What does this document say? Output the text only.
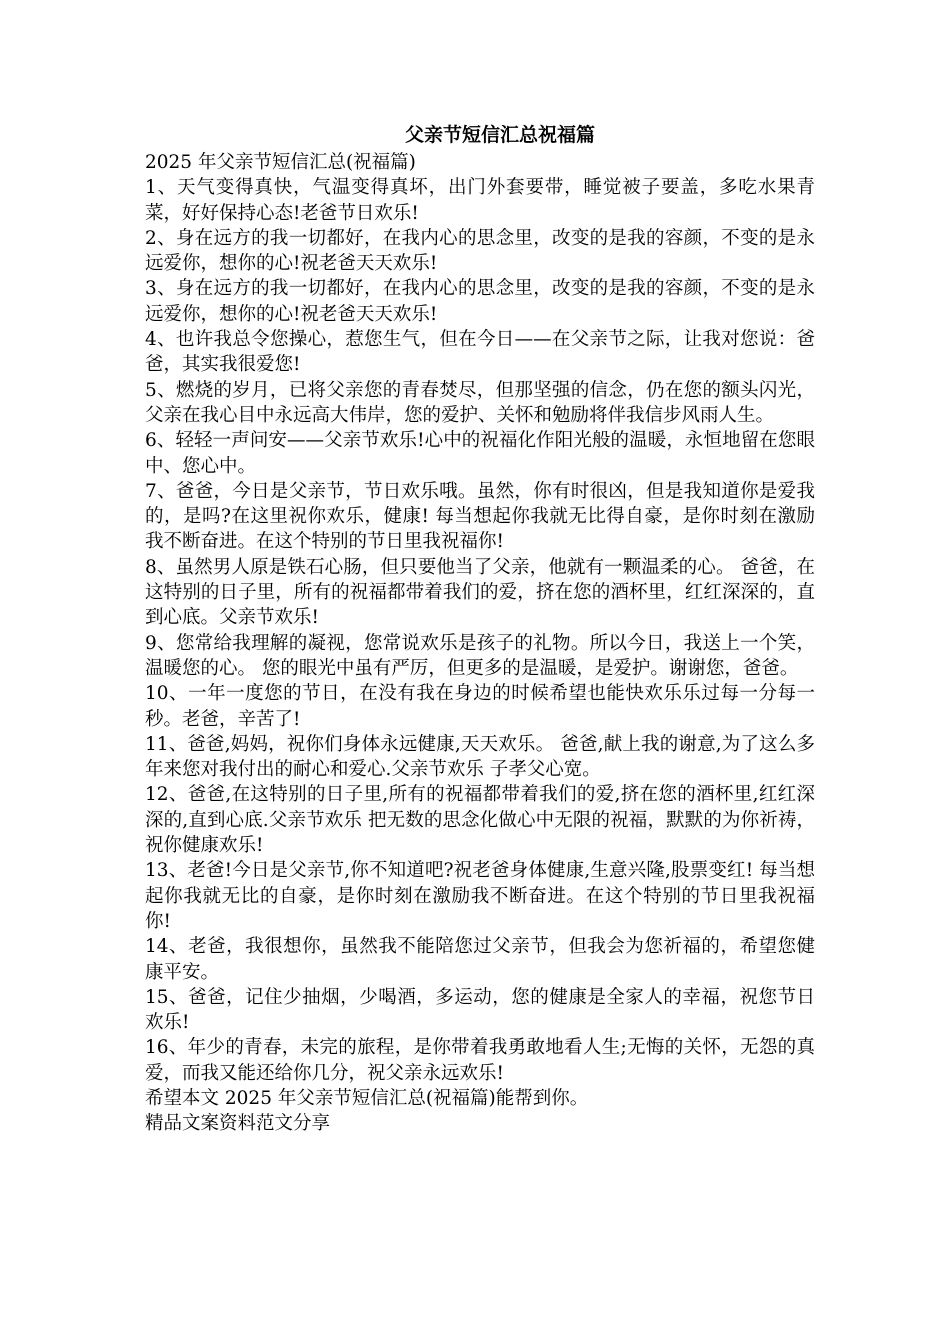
父亲节短信汇总祝福篇

2025 年父亲节短信汇总(祝福篇)

1、天气变得真快，气温变得真坏，出门外套要带，睡觉被子要盖，多吃水果青菜，好好保持心态!老爸节日欢乐!

2、身在远方的我一切都好，在我内心的思念里，改变的是我的容颜，不变的是永远爱你，想你的心!祝老爸天天欢乐!

3、身在远方的我一切都好，在我内心的思念里，改变的是我的容颜，不变的是永远爱你，想你的心!祝老爸天天欢乐!

4、也许我总令您操心，惹您生气，但在今日——在父亲节之际，让我对您说：爸爸，其实我很爱您!

5、燃烧的岁月，已将父亲您的青春焚尽，但那坚强的信念，仍在您的额头闪光，父亲在我心目中永远高大伟岸，您的爱护、关怀和勉励将伴我信步风雨人生。

6、轻轻一声问安——父亲节欢乐!心中的祝福化作阳光般的温暖，永恒地留在您眼中、您心中。

7、爸爸，今日是父亲节，节日欢乐哦。虽然，你有时很凶，但是我知道你是爱我的，是吗?在这里祝你欢乐，健康! 每当想起你我就无比得自豪，是你时刻在激励我不断奋进。在这个特别的节日里我祝福你!

8、虽然男人原是铁石心肠，但只要他当了父亲，他就有一颗温柔的心。 爸爸，在这特别的日子里，所有的祝福都带着我们的爱，挤在您的酒杯里，红红深深的，直到心底。父亲节欢乐!

9、您常给我理解的凝视，您常说欢乐是孩子的礼物。所以今日，我送上一个笑，温暖您的心。 您的眼光中虽有严厉，但更多的是温暖，是爱护。谢谢您，爸爸。

10、一年一度您的节日，在没有我在身边的时候希望也能快欢乐乐过每一分每一秒。老爸，辛苦了!

11、爸爸,妈妈，祝你们身体永远健康,天天欢乐。 爸爸,献上我的谢意,为了这么多年来您对我付出的耐心和爱心.父亲节欢乐 子孝父心宽。

12、爸爸,在这特别的日子里,所有的祝福都带着我们的爱,挤在您的酒杯里,红红深深的,直到心底.父亲节欢乐 把无数的思念化做心中无限的祝福，默默的为你祈祷，祝你健康欢乐!

13、老爸!今日是父亲节,你不知道吧?祝老爸身体健康,生意兴隆,股票变红! 每当想起你我就无比的自豪，是你时刻在激励我不断奋进。在这个特别的节日里我祝福你!

14、老爸，我很想你，虽然我不能陪您过父亲节，但我会为您祈福的，希望您健康平安。

15、爸爸，记住少抽烟，少喝酒，多运动，您的健康是全家人的幸福，祝您节日欢乐!

16、年少的青春，未完的旅程，是你带着我勇敢地看人生;无悔的关怀，无怨的真爱，而我又能还给你几分，祝父亲永远欢乐!

希望本文 2025 年父亲节短信汇总(祝福篇)能帮到你。

精品文案资料范文分享
